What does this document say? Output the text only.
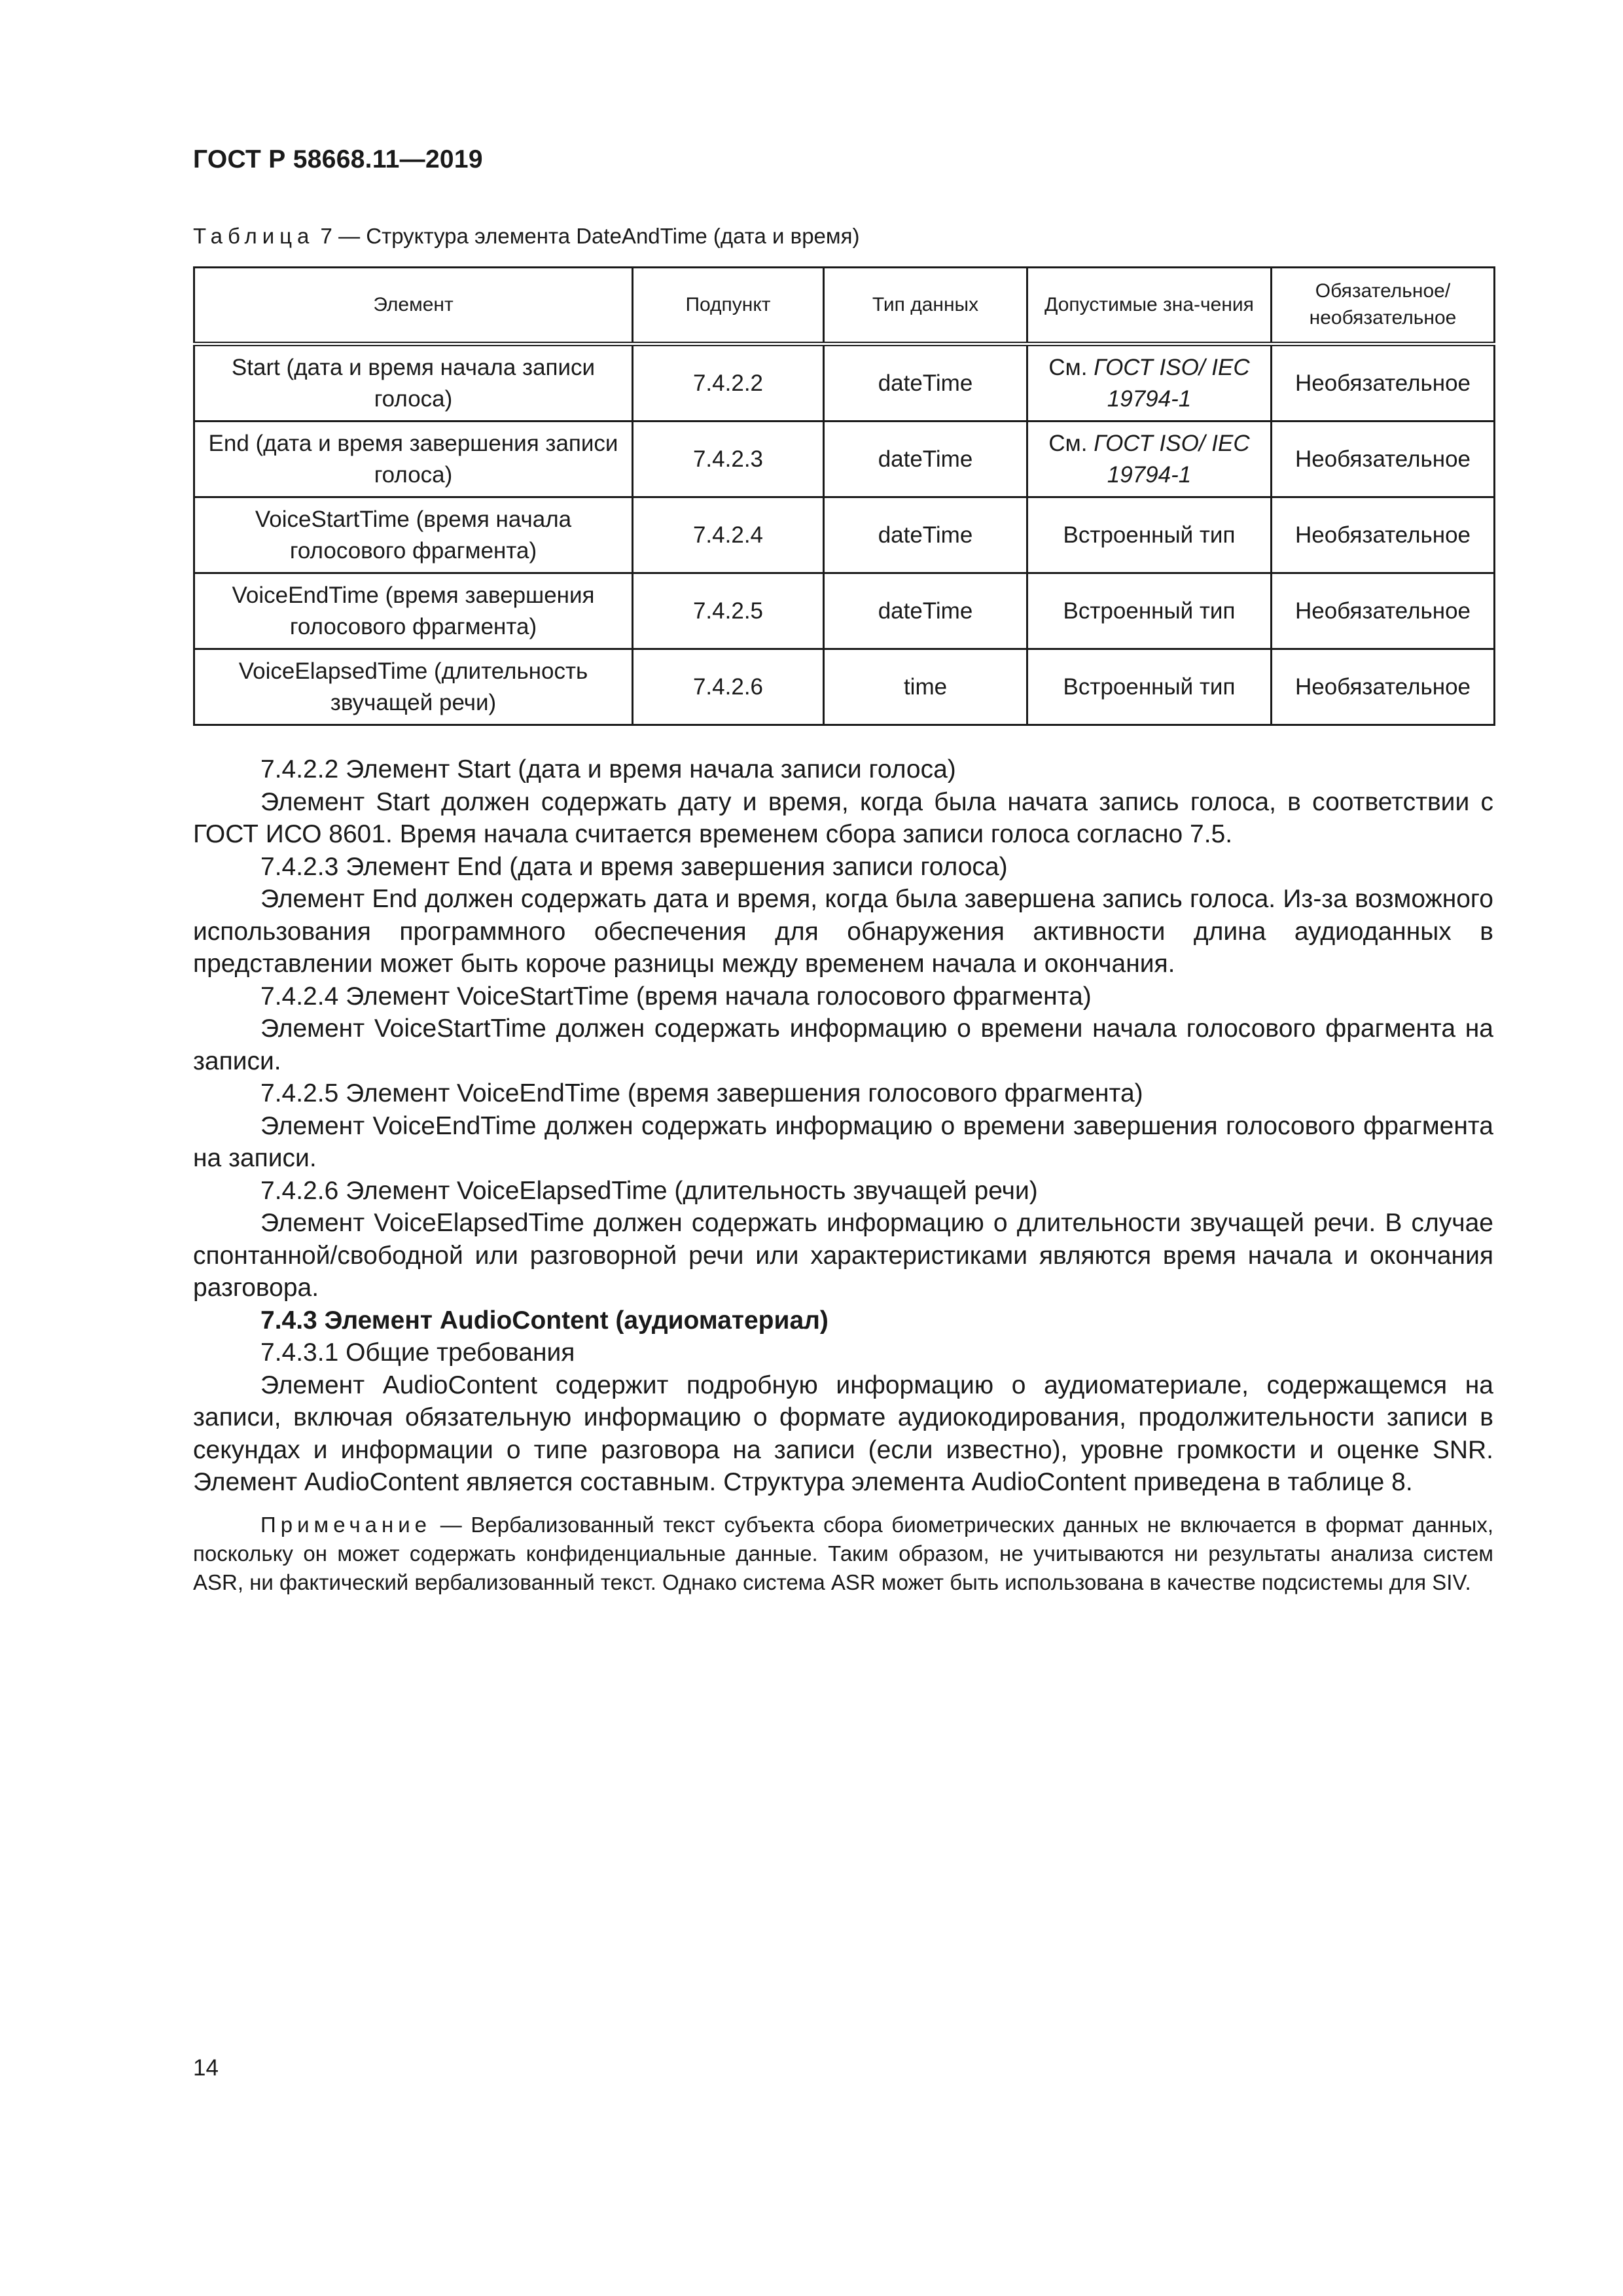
ГОСТ Р 58668.11—2019
Таблица 7 — Структура элемента DateAndTime (дата и время)
Элемент	Подпункт	Тип данных	Допустимые зна-чения	Обязательное/ необязательное
Start (дата и время начала записи голоса)	7.4.2.2	dateTime	См. ГОСТ ISO/ IEC 19794-1	Необязательное
End (дата и время завершения записи голоса)	7.4.2.3	dateTime	См. ГОСТ ISO/ IEC 19794-1	Необязательное
VoiceStartTime (время начала голосового фрагмента)	7.4.2.4	dateTime	Встроенный тип	Необязательное
VoiceEndTime (время завершения голосового фрагмента)	7.4.2.5	dateTime	Встроенный тип	Необязательное
VoiceElapsedTime (длительность звучащей речи)	7.4.2.6	time	Встроенный тип	Необязательное

7.4.2.2 Элемент Start (дата и время начала записи голоса)

Элемент Start должен содержать дату и время, когда была начата запись голоса, в соответствии с ГОСТ ИСО 8601. Время начала считается временем сбора записи голоса согласно 7.5.

7.4.2.3 Элемент End (дата и время завершения записи голоса)

Элемент End должен содержать дата и время, когда была завершена запись голоса. Из-за возможного использования программного обеспечения для обнаружения активности длина аудиоданных в представлении может быть короче разницы между временем начала и окончания.

7.4.2.4 Элемент VoiceStartTime (время начала голосового фрагмента)

Элемент VoiceStartTime должен содержать информацию о времени начала голосового фрагмента на записи.

7.4.2.5 Элемент VoiceEndTime (время завершения голосового фрагмента)

Элемент VoiceEndTime должен содержать информацию о времени завершения голосового фрагмента на записи.

7.4.2.6 Элемент VoiceElapsedTime (длительность звучащей речи)

Элемент VoiceElapsedTime должен содержать информацию о длительности звучащей речи. В случае спонтанной/свободной или разговорной речи или характеристиками являются время начала и окончания разговора.

7.4.3 Элемент AudioContent (аудиоматериал)

7.4.3.1 Общие требования

Элемент AudioContent содержит подробную информацию о аудиоматериале, содержащемся на записи, включая обязательную информацию о формате аудиокодирования, продолжительности записи в секундах и информации о типе разговора на записи (если известно), уровне громкости и оценке SNR. Элемент AudioContent является составным. Структура элемента AudioContent приведена в таблице 8.

Примечание — Вербализованный текст субъекта сбора биометрических данных не включается в формат данных, поскольку он может содержать конфиденциальные данные. Таким образом, не учитываются ни результаты анализа систем ASR, ни фактический вербализованный текст. Однако система ASR может быть использована в качестве подсистемы для SIV.
14
